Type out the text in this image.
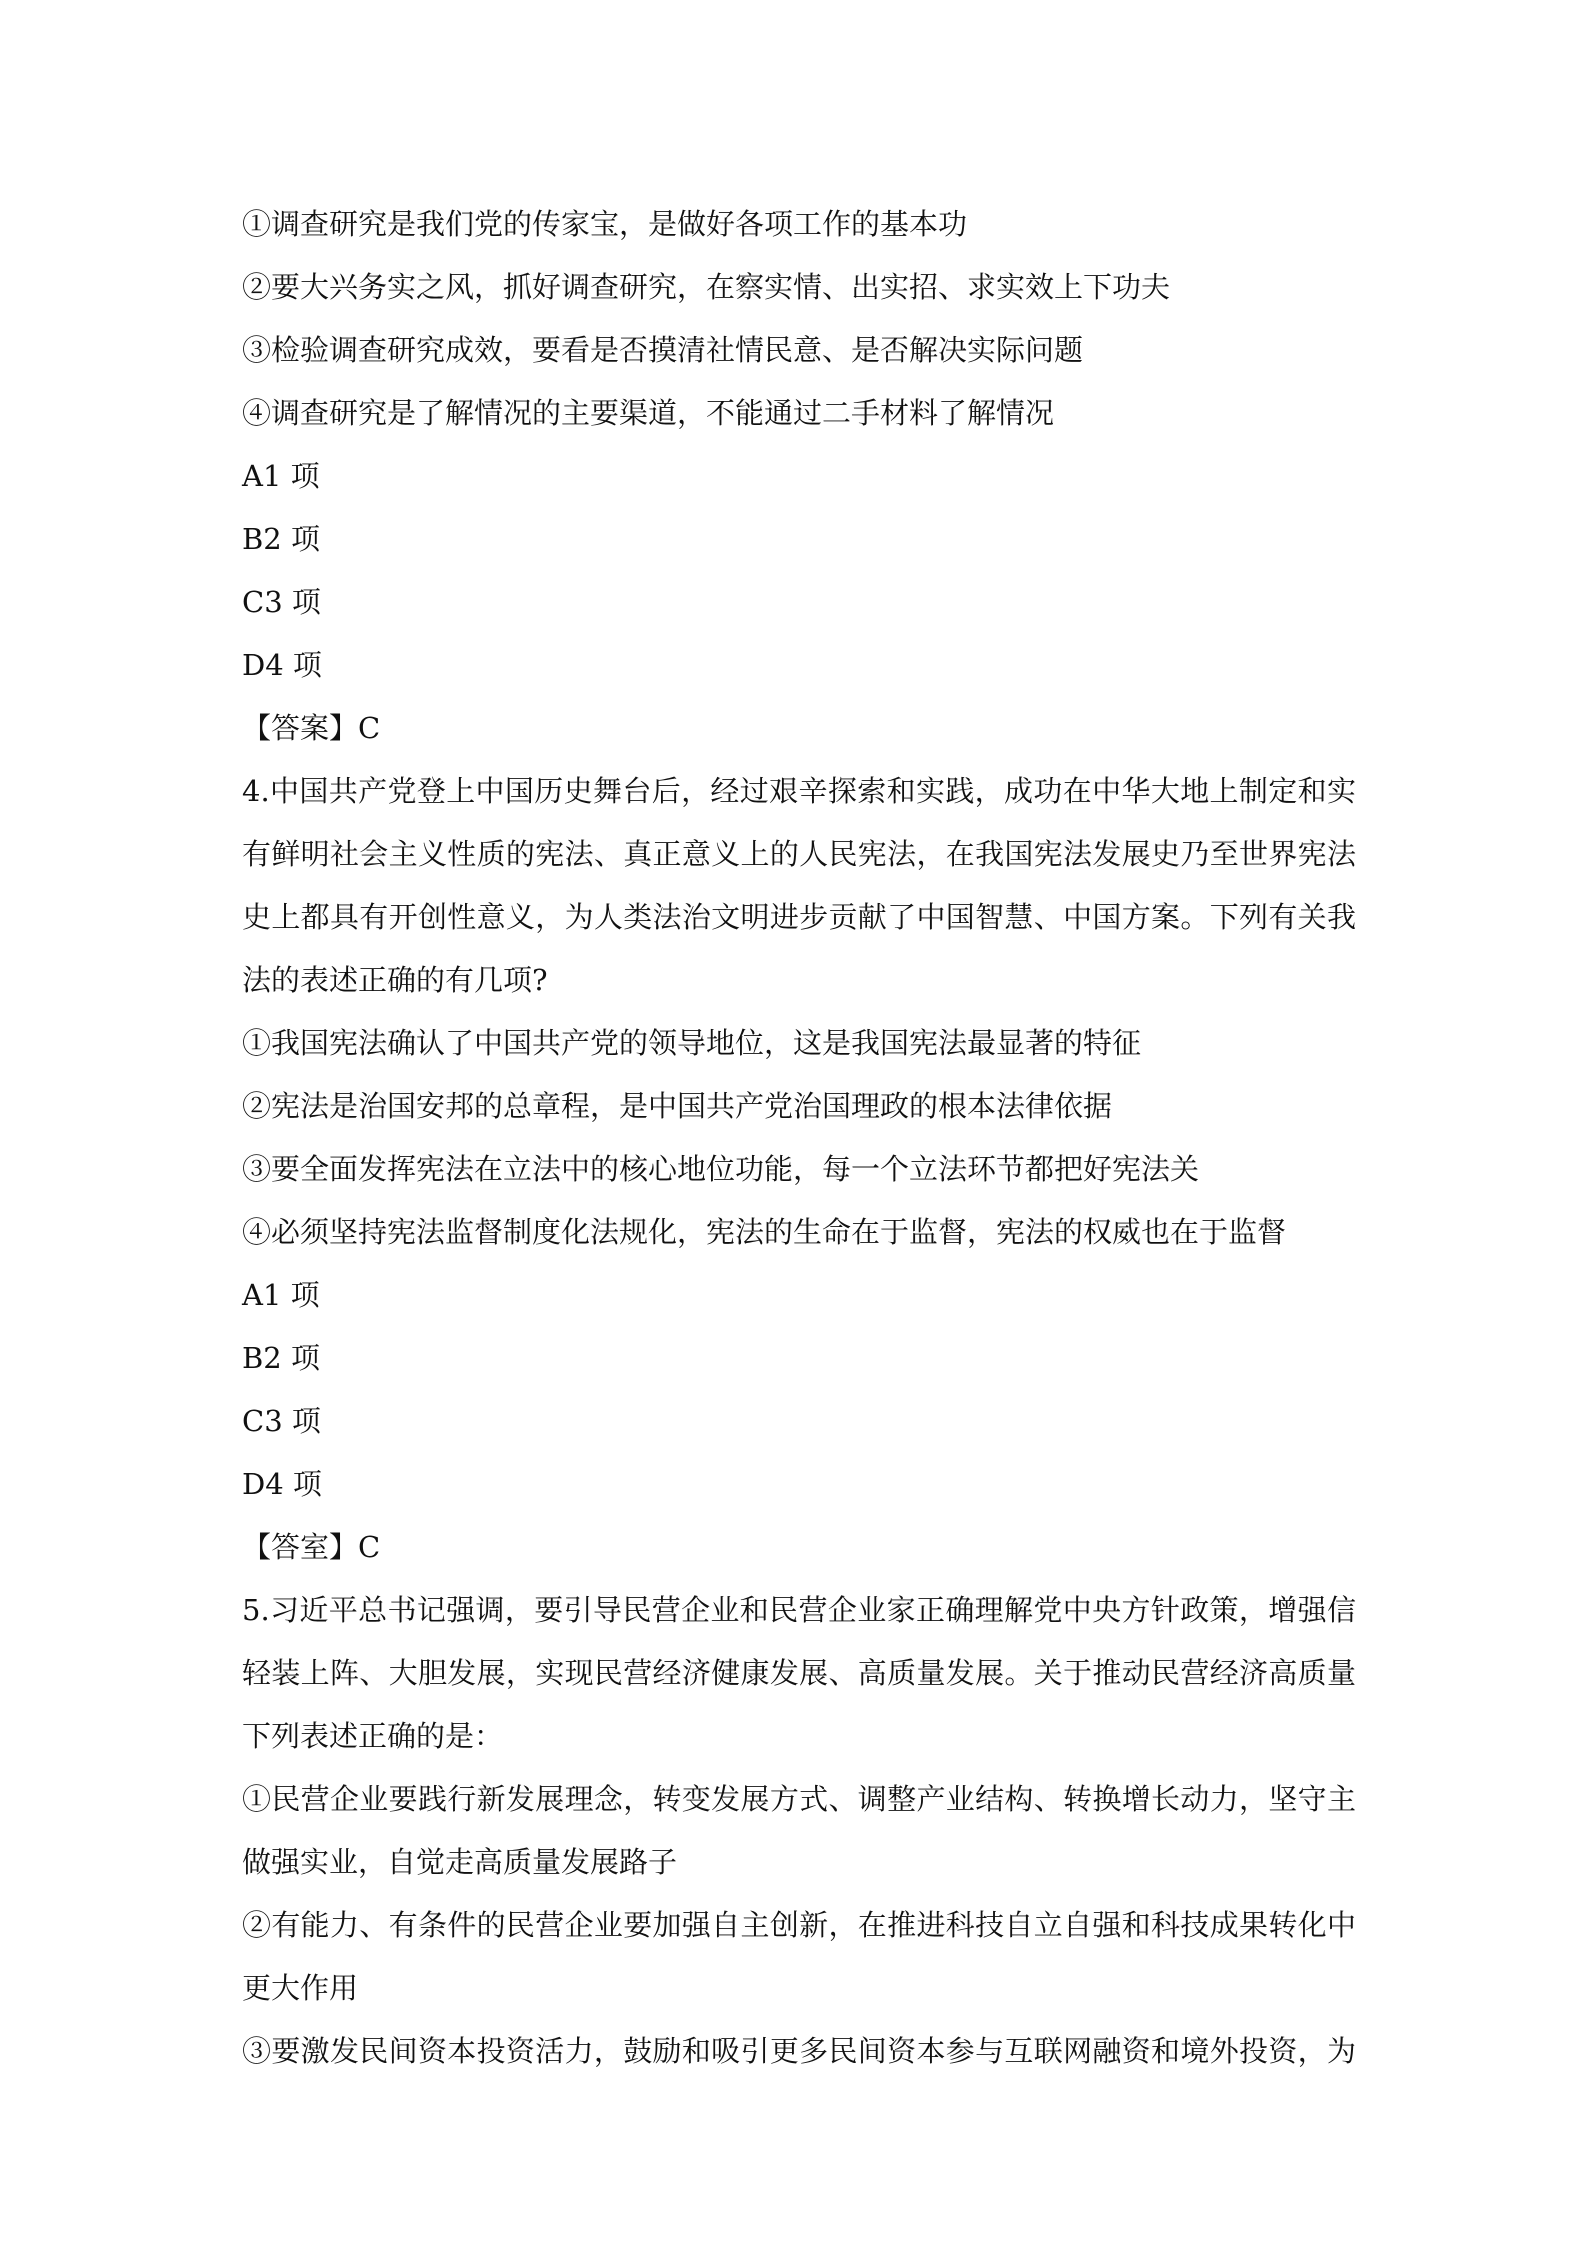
①调查研究是我们党的传家宝，是做好各项工作的基本功
②要大兴务实之风，抓好调查研究，在察实情、出实招、求实效上下功夫
③检验调查研究成效，要看是否摸清社情民意、是否解决实际问题
④调查研究是了解情况的主要渠道，不能通过二手材料了解情况
A1 项
B2 项
C3 项
D4 项
【答案】C
4.中国共产党登上中国历史舞台后，经过艰辛探索和实践，成功在中华大地上制定和实
有鲜明社会主义性质的宪法、真正意义上的人民宪法，在我国宪法发展史乃至世界宪法
史上都具有开创性意义，为人类法治文明进步贡献了中国智慧、中国方案。下列有关我
法的表述正确的有几项?
①我国宪法确认了中国共产党的领导地位，这是我国宪法最显著的特征
②宪法是治国安邦的总章程，是中国共产党治国理政的根本法律依据
③要全面发挥宪法在立法中的核心地位功能，每一个立法环节都把好宪法关
④必须坚持宪法监督制度化法规化，宪法的生命在于监督，宪法的权威也在于监督
A1 项
B2 项
C3 项
D4 项
【答室】C
5.习近平总书记强调，要引导民营企业和民营企业家正确理解党中央方针政策，增强信
轻装上阵、大胆发展，实现民营经济健康发展、高质量发展。关于推动民营经济高质量
下列表述正确的是：
①民营企业要践行新发展理念，转变发展方式、调整产业结构、转换增长动力，坚守主
做强实业，自觉走高质量发展路子
②有能力、有条件的民营企业要加强自主创新，在推进科技自立自强和科技成果转化中
更大作用
③要激发民间资本投资活力，鼓励和吸引更多民间资本参与互联网融资和境外投资，为
